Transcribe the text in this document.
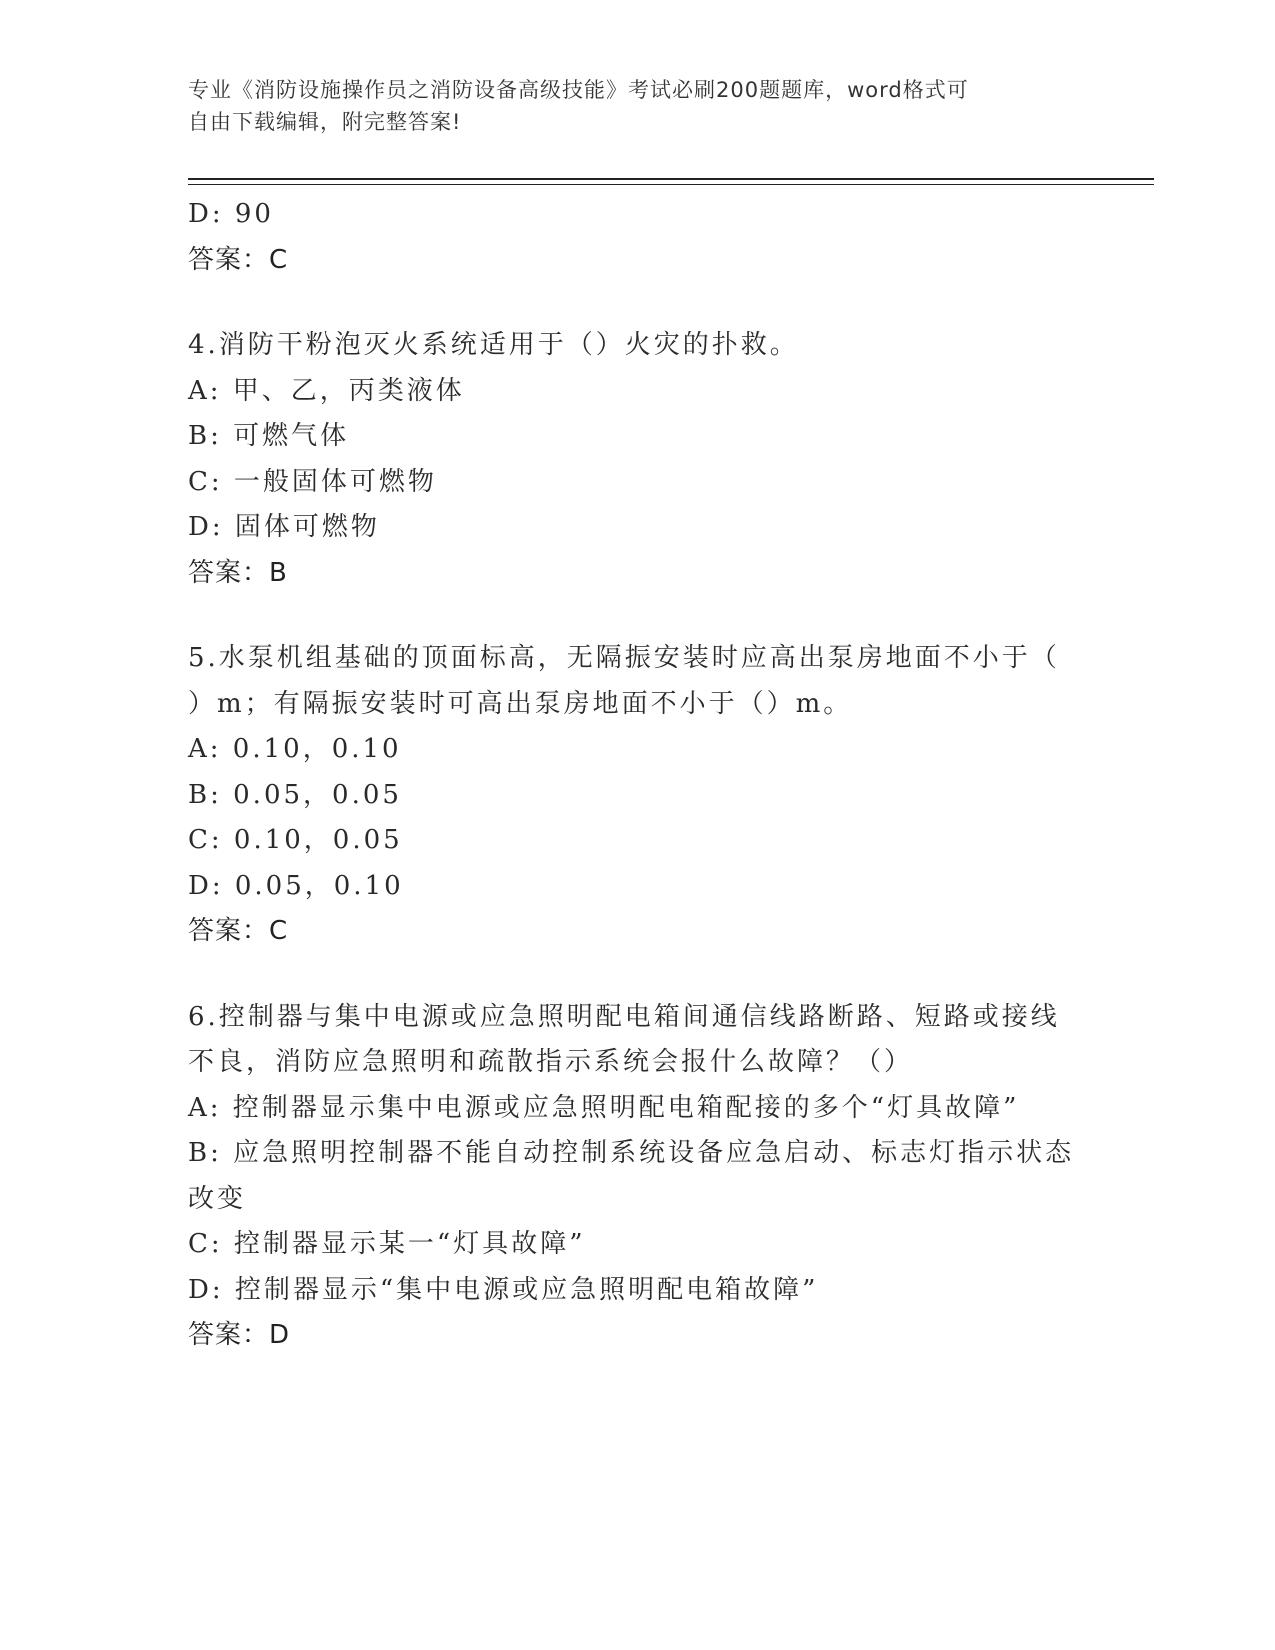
专业《消防设施操作员之消防设备高级技能》考试必刷200题题库，word格式可
自由下载编辑，附完整答案!
D: 90
答案：C
4.消防干粉泡灭火系统适用于（）火灾的扑救。
A: 甲、乙，丙类液体
B: 可燃气体
C: 一般固体可燃物
D: 固体可燃物
答案：B
5.水泵机组基础的顶面标高，无隔振安装时应高出泵房地面不小于（
）m；有隔振安装时可高出泵房地面不小于（）m。
A: 0.10，0.10
B: 0.05，0.05
C: 0.10，0.05
D: 0.05，0.10
答案：C
6.控制器与集中电源或应急照明配电箱间通信线路断路、短路或接线
不良，消防应急照明和疏散指示系统会报什么故障？（）
A: 控制器显示集中电源或应急照明配电箱配接的多个“灯具故障”
B: 应急照明控制器不能自动控制系统设备应急启动、标志灯指示状态
改变
C: 控制器显示某一“灯具故障”
D: 控制器显示“集中电源或应急照明配电箱故障”
答案：D
